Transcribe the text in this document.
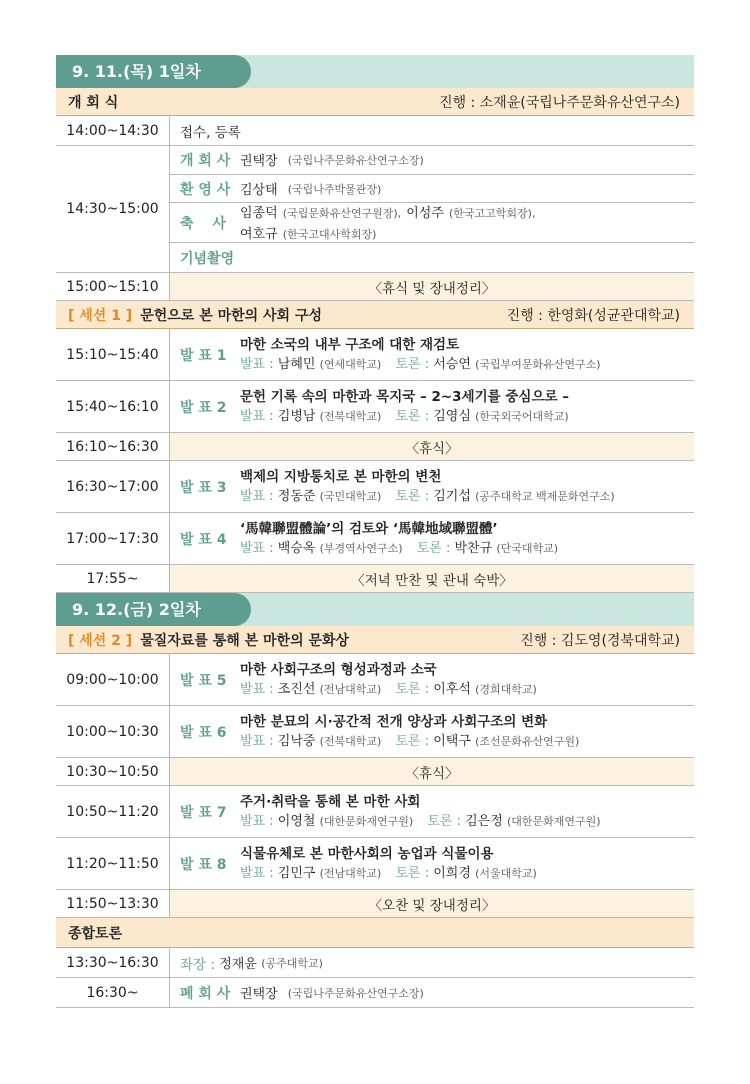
9. 11.(목) 1일차
개 회 식	진행 : 소재윤(국립나주문화유산연구소)
14:00~14:30	접수, 등록
14:30~15:00
개 회 사 권택장 (국립나주문화유산연구소장)
환 영 사 김상태 (국립나주박물관장)
축　 사
임종덕 (국립문화유산연구원장), 이성주 (한국고고학회장),
여호규 (한국고대사학회장)
기념촬영
15:00~15:10	〈휴식 및 장내정리〉
[ 세션 1 ] 문헌으로 본 마한의 사회 구성	진행 : 한영화(성균관대학교)
15:10~15:40	발 표 1
마한 소국의 내부 구조에 대한 재검토
발표 : 남혜민 (연세대학교) 토론 : 서승연 (국립부여문화유산연구소)
15:40~16:10	발 표 2
문헌 기록 속의 마한과 목지국 – 2~3세기를 중심으로 –
발표 : 김병남 (전북대학교) 토론 : 김영심 (한국외국어대학교)
16:10~16:30	〈휴식〉
16:30~17:00	발 표 3
백제의 지방통치로 본 마한의 변천
발표 : 정동준 (국민대학교) 토론 : 김기섭 (공주대학교 백제문화연구소)
17:00~17:30	발 표 4
‘馬韓聯盟體論’의 검토와 ‘馬韓地域聯盟體’
발표 : 백승옥 (부경역사연구소) 토론 : 박찬규 (단국대학교)
17:55~	〈저녁 만찬 및 관내 숙박〉
9. 12.(금) 2일차
[ 세션 2 ] 물질자료를 통해 본 마한의 문화상	진행 : 김도영(경북대학교)
09:00~10:00	발 표 5
마한 사회구조의 형성과정과 소국
발표 : 조진선 (전남대학교) 토론 : 이후석 (경희대학교)
10:00~10:30	발 표 6
마한 분묘의 시·공간적 전개 양상과 사회구조의 변화
발표 : 김낙중 (전북대학교) 토론 : 이택구 (조선문화유산연구원)
10:30~10:50	〈휴식〉
10:50~11:20	발 표 7
주거·취락을 통해 본 마한 사회
발표 : 이영철 (대한문화재연구원) 토론 : 김은정 (대한문화재연구원)
11:20~11:50	발 표 8
식물유체로 본 마한사회의 농업과 식물이용
발표 : 김민구 (전남대학교) 토론 : 이희경 (서울대학교)
11:50~13:30	〈오찬 및 장내정리〉
종합토론
13:30~16:30	좌장 :
정재윤
(공주대학교)
16:30~	폐 회 사 권택장 (국립나주문화유산연구소장)
